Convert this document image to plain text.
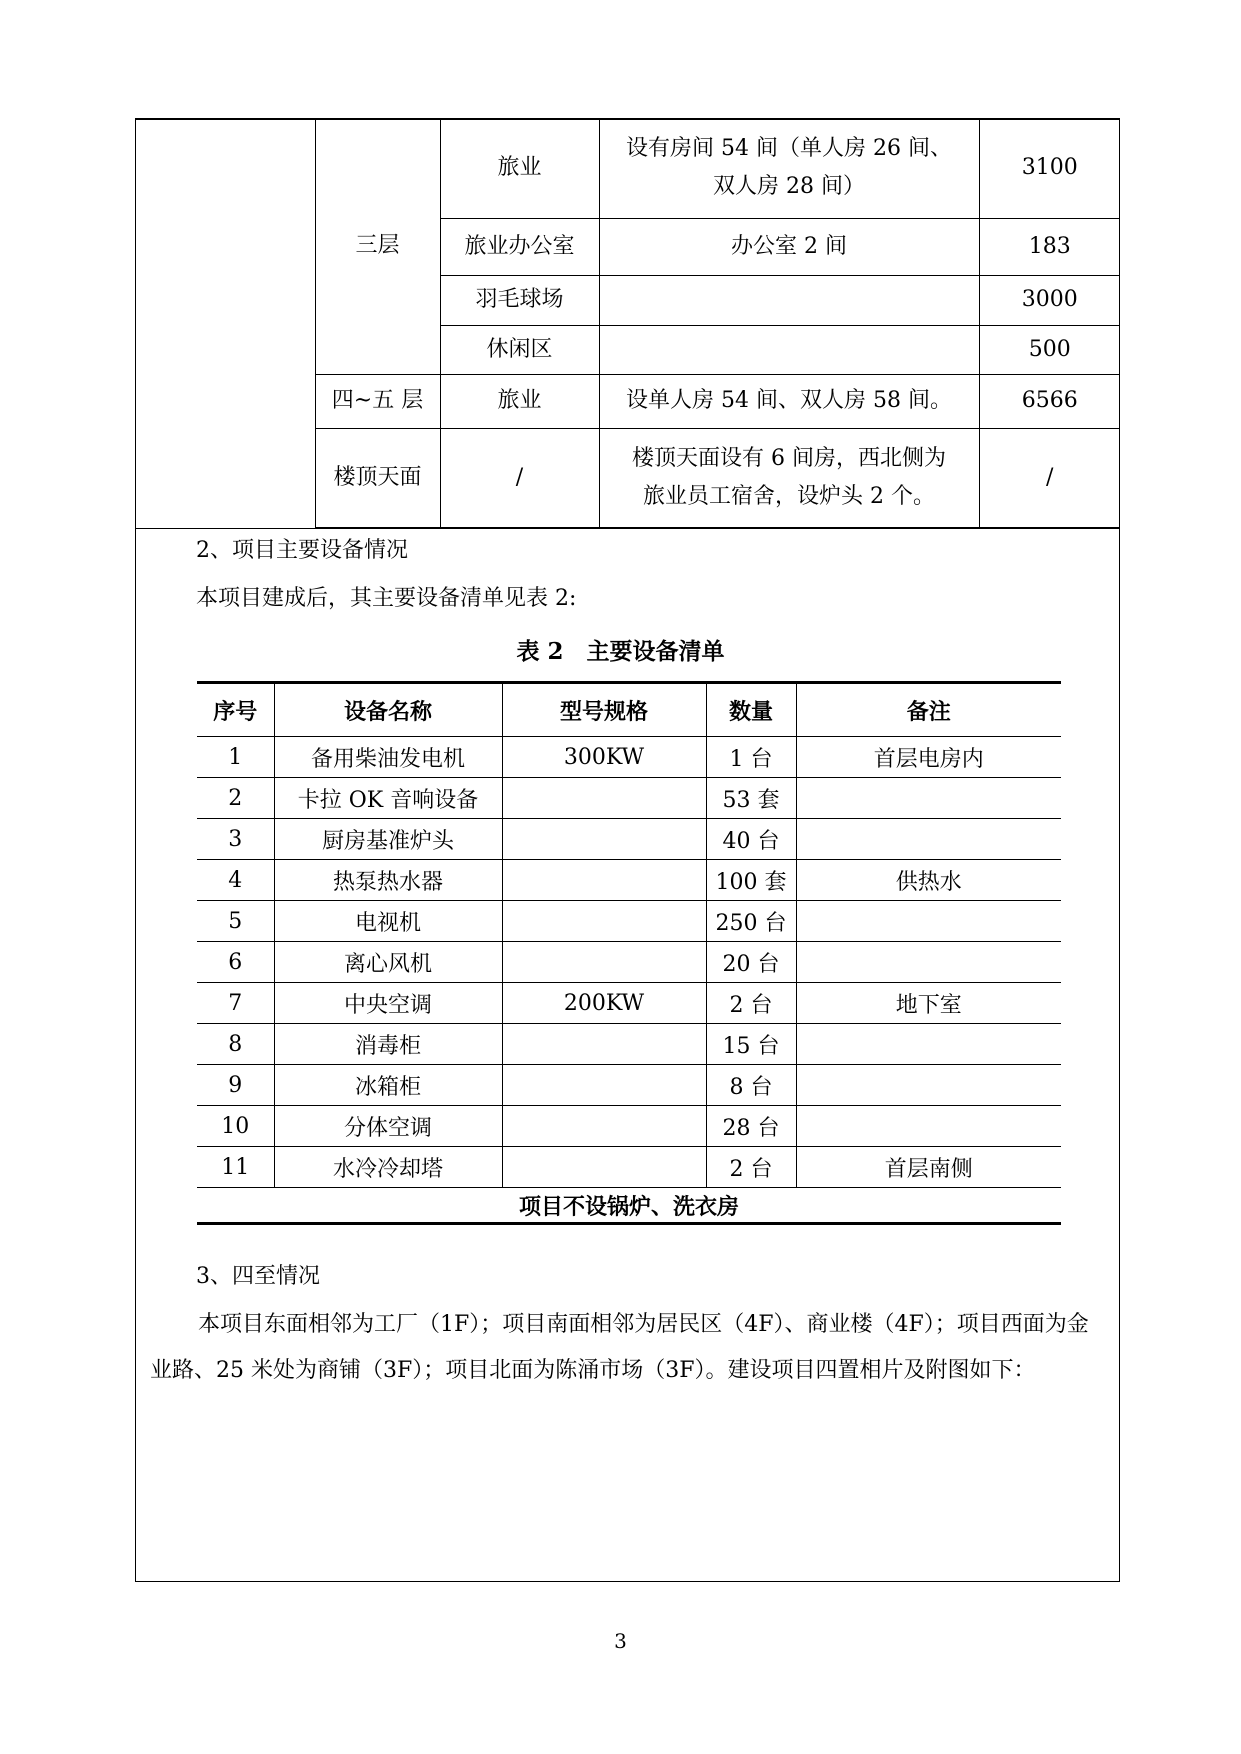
	三层	旅业	设有房间 54 间（单人房 26 间、
双人房 28 间）	3100
		旅业办公室	办公室 2 间	183
		羽毛球场		3000
		休闲区		500
	四~五 层	旅业	设单人房 54 间、双人房 58 间。	6566
	楼顶天面	/	楼顶天面设有 6 间房，西北侧为
旅业员工宿舍，设炉头 2 个。	/
2、项目主要设备情况
本项目建成后，其主要设备清单见表 2:
表 2　主要设备清单
序号	设备名称	型号规格	数量	备注
1	备用柴油发电机	300KW	1 台	首层电房内
2	卡拉 OK 音响设备		53 套	
3	厨房基准炉头		40 台	
4	热泵热水器		100 套	供热水
5	电视机		250 台	
6	离心风机		20 台	
7	中央空调	200KW	2 台	地下室
8	消毒柜		15 台	
9	冰箱柜		8 台	
10	分体空调		28 台	
11	水冷冷却塔		2 台	首层南侧
项目不设锅炉、洗衣房				
3、四至情况
本项目东面相邻为工厂（1F）；项目南面相邻为居民区（4F）、商业楼（4F）；项目西面为金业路、25 米处为商铺（3F）；项目北面为陈涌市场（3F）。建设项目四置相片及附图如下：
3
